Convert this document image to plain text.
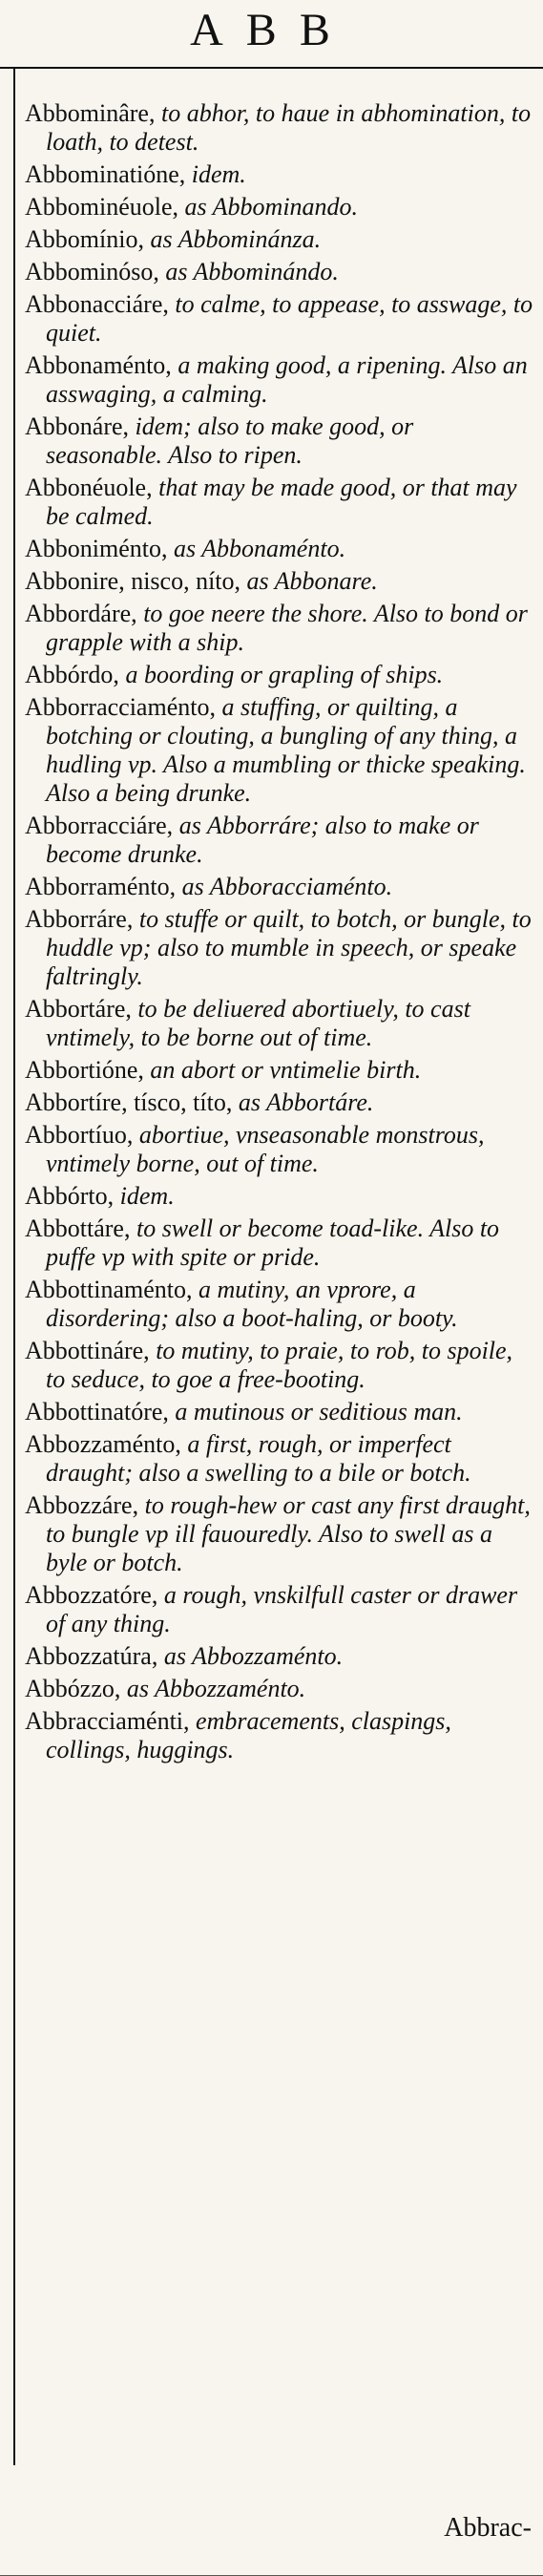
ABB
Abbominâre, to abhor, to haue in abhomination, to loath, to detest.
Abbominatióne, idem.
Abbominéuole, as Abbominando.
Abbomínio, as Abbominánza.
Abbominóso, as Abbominándo.
Abbonacciáre, to calme, to appease, to asswage, to quiet.
Abbonaménto, a making good, a ripening. Also an asswaging, a calming.
Abbonáre, idem; also to make good, or seasonable. Also to ripen.
Abbonéuole, that may be made good, or that may be calmed.
Abboniménto, as Abbonaménto.
Abbonire, nisco, níto, as Abbonare.
Abbordáre, to goe neere the shore. Also to bond or grapple with a ship.
Abbórdo, a boording or grapling of ships.
Abborracciaménto, a stuffing, or quilting, a botching or clouting, a bungling of any thing, a hudling vp. Also a mumbling or thicke speaking. Also a being drunke.
Abborracciáre, as Abborráre; also to make or become drunke.
Abborraménto, as Abboracciaménto.
Abborráre, to stuffe or quilt, to botch, or bungle, to huddle vp; also to mumble in speech, or speake faltringly.
Abbortáre, to be deliuered abortiuely, to cast vntimely, to be borne out of time.
Abbortióne, an abort or vntimelie birth.
Abbortíre, tísco, títo, as Abbortáre.
Abbortíuo, abortiue, vnseasonable monstrous, vntimely borne, out of time.
Abbórto, idem.
Abbottáre, to swell or become toad-like. Also to puffe vp with spite or pride.
Abbottinaménto, a mutiny, an vprore, a disordering; also a boot-haling, or booty.
Abbottináre, to mutiny, to praie, to rob, to spoile, to seduce, to goe a free-booting.
Abbottinatóre, a mutinous or seditious man.
Abbozzaménto, a first, rough, or imperfect draught; also a swelling to a bile or botch.
Abbozzáre, to rough-hew or cast any first draught, to bungle vp ill fauouredly. Also to swell as a byle or botch.
Abbozzatóre, a rough, vnskilfull caster or drawer of any thing.
Abbozzatúra, as Abbozzaménto.
Abbózzo, as Abbozzaménto.
Abbracciaménti, embracements, claspings, collings, huggings.
Abbrac-
